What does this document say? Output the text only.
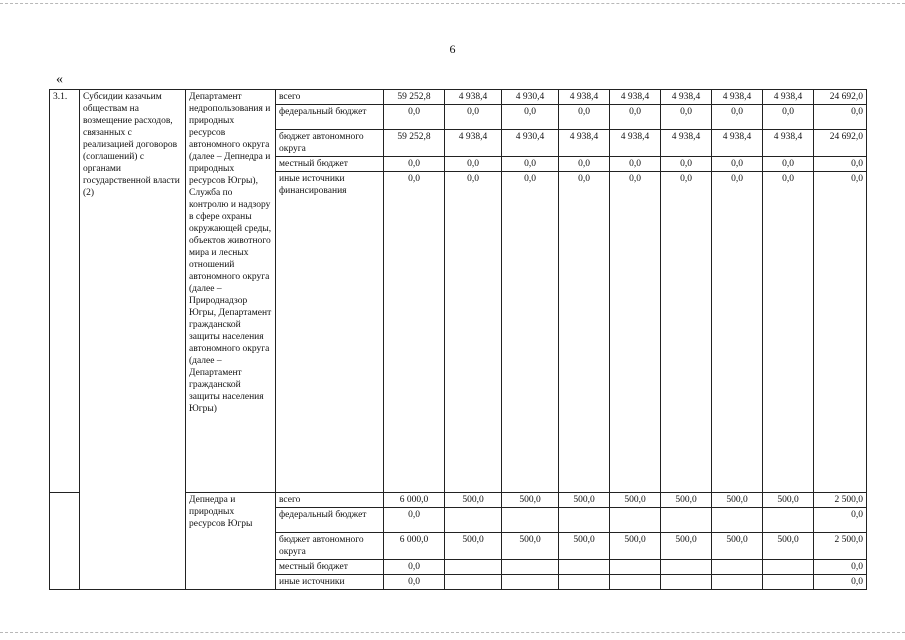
6
«
3.1.	Субсидии казачьим обществам на возмещение расходов, связанных с реализацией договоров (соглашений) с органами государственной власти (2)	Департамент недропользования и природных ресурсов автономного округа (далее – Депнедра и природных ресурсов Югры), Служба по контролю и надзору в сфере охраны окружающей среды, объектов животного мира и лесных отношений автономного округа (далее – Природнадзор Югры, Департамент гражданской защиты населения автономного округа (далее – Департамент гражданской защиты населения Югры)	всего	59 252,8	4 938,4	4 930,4	4 938,4	4 938,4	4 938,4	4 938,4	4 938,4	24 692,0
			федеральный бюджет	0,0	0,0	0,0	0,0	0,0	0,0	0,0	0,0	0,0
			бюджет автономного округа	59 252,8	4 938,4	4 930,4	4 938,4	4 938,4	4 938,4	4 938,4	4 938,4	24 692,0
			местный бюджет	0,0	0,0	0,0	0,0	0,0	0,0	0,0	0,0	0,0
			иные источники финансирования	0,0	0,0	0,0	0,0	0,0	0,0	0,0	0,0	0,0
		Депнедра и природных ресурсов Югры	всего	6 000,0	500,0	500,0	500,0	500,0	500,0	500,0	500,0	2 500,0
			федеральный бюджет	0,0								0,0
			бюджет автономного округа	6 000,0	500,0	500,0	500,0	500,0	500,0	500,0	500,0	2 500,0
			местный бюджет	0,0								0,0
			иные источники	0,0								0,0
